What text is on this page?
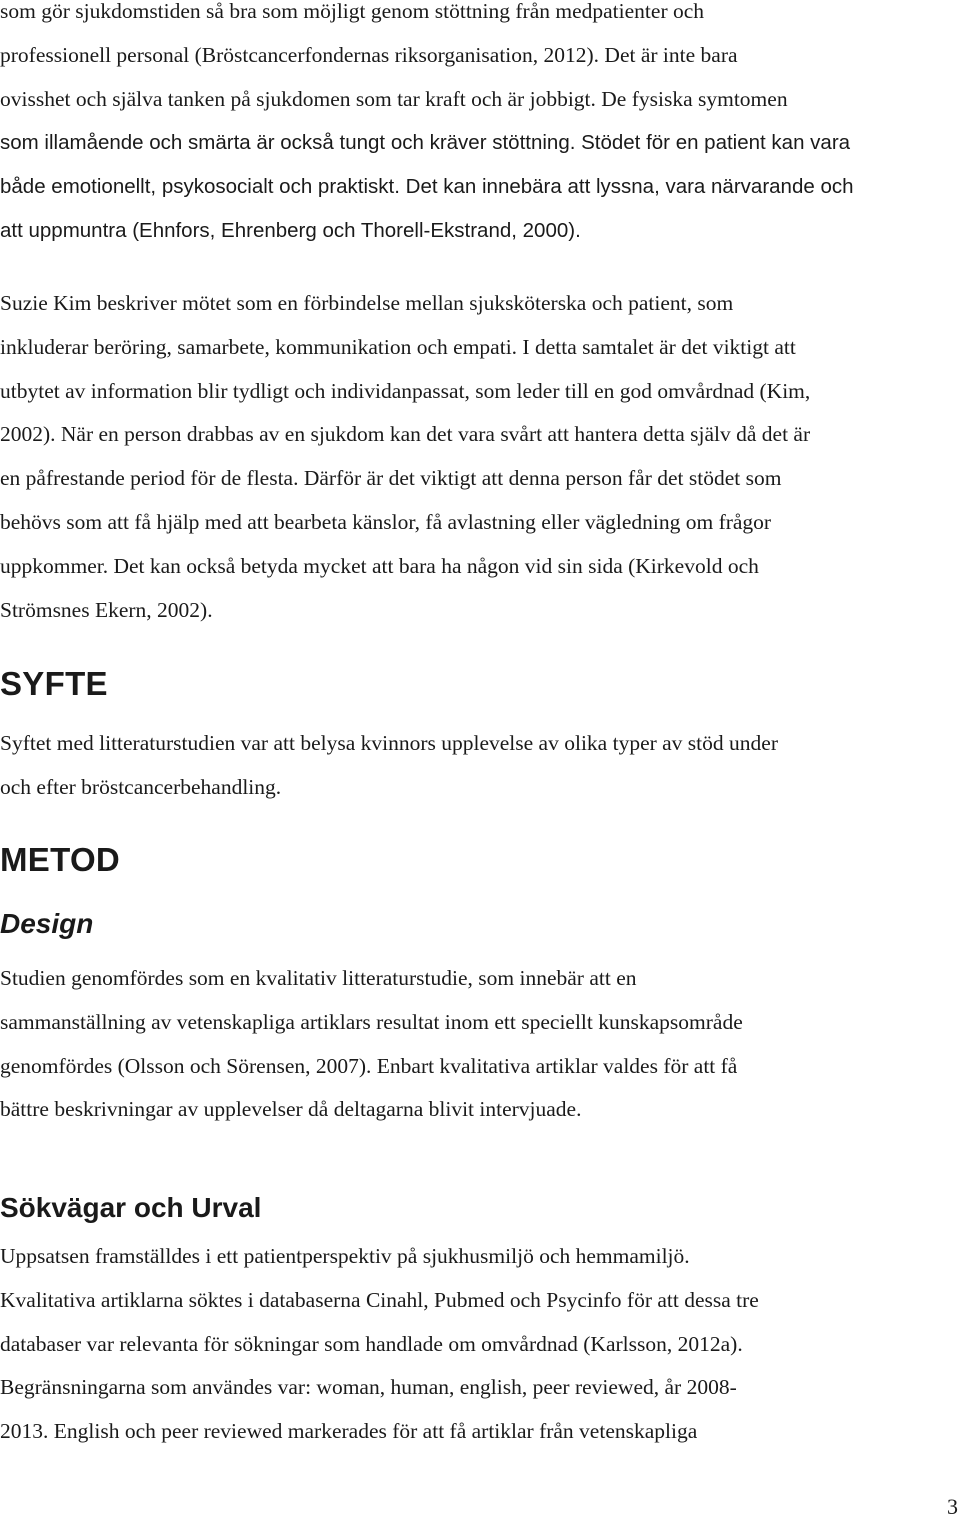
som gör sjukdomstiden så bra som möjligt genom stöttning från medpatienter och
professionell personal (Bröstcancerfondernas riksorganisation, 2012). Det är inte bara
ovisshet och själva tanken på sjukdomen som tar kraft och är jobbigt. De fysiska symtomen
som illamående och smärta är också tungt och kräver stöttning. Stödet för en patient kan vara
både emotionellt, psykosocialt och praktiskt. Det kan innebära att lyssna, vara närvarande och
att uppmuntra (Ehnfors, Ehrenberg och Thorell-Ekstrand, 2000).
Suzie Kim beskriver mötet som en förbindelse mellan sjuksköterska och patient, som
inkluderar beröring, samarbete, kommunikation och empati. I detta samtalet är det viktigt att
utbytet av information blir tydligt och individanpassat, som leder till en god omvårdnad (Kim,
2002). När en person drabbas av en sjukdom kan det vara svårt att hantera detta själv då det är
en påfrestande period för de flesta. Därför är det viktigt att denna person får det stödet som
behövs som att få hjälp med att bearbeta känslor, få avlastning eller vägledning om frågor
uppkommer. Det kan också betyda mycket att bara ha någon vid sin sida (Kirkevold och
Strömsnes Ekern, 2002).
SYFTE
Syftet med litteraturstudien var att belysa kvinnors upplevelse av olika typer av stöd under
och efter bröstcancerbehandling.
METOD
Design
Studien genomfördes som en kvalitativ litteraturstudie, som innebär att en
sammanställning av vetenskapliga artiklars resultat inom ett speciellt kunskapsområde
genomfördes (Olsson och Sörensen, 2007). Enbart kvalitativa artiklar valdes för att få
bättre beskrivningar av upplevelser då deltagarna blivit intervjuade.
Sökvägar och Urval
Uppsatsen framställdes i ett patientperspektiv på sjukhusmiljö och hemmamiljö.
Kvalitativa artiklarna söktes i databaserna Cinahl, Pubmed och Psycinfo för att dessa tre
databaser var relevanta för sökningar som handlade om omvårdnad (Karlsson, 2012a).
Begränsningarna som användes var: woman, human, english, peer reviewed, år 2008-
2013. English och peer reviewed markerades för att få artiklar från vetenskapliga
3
